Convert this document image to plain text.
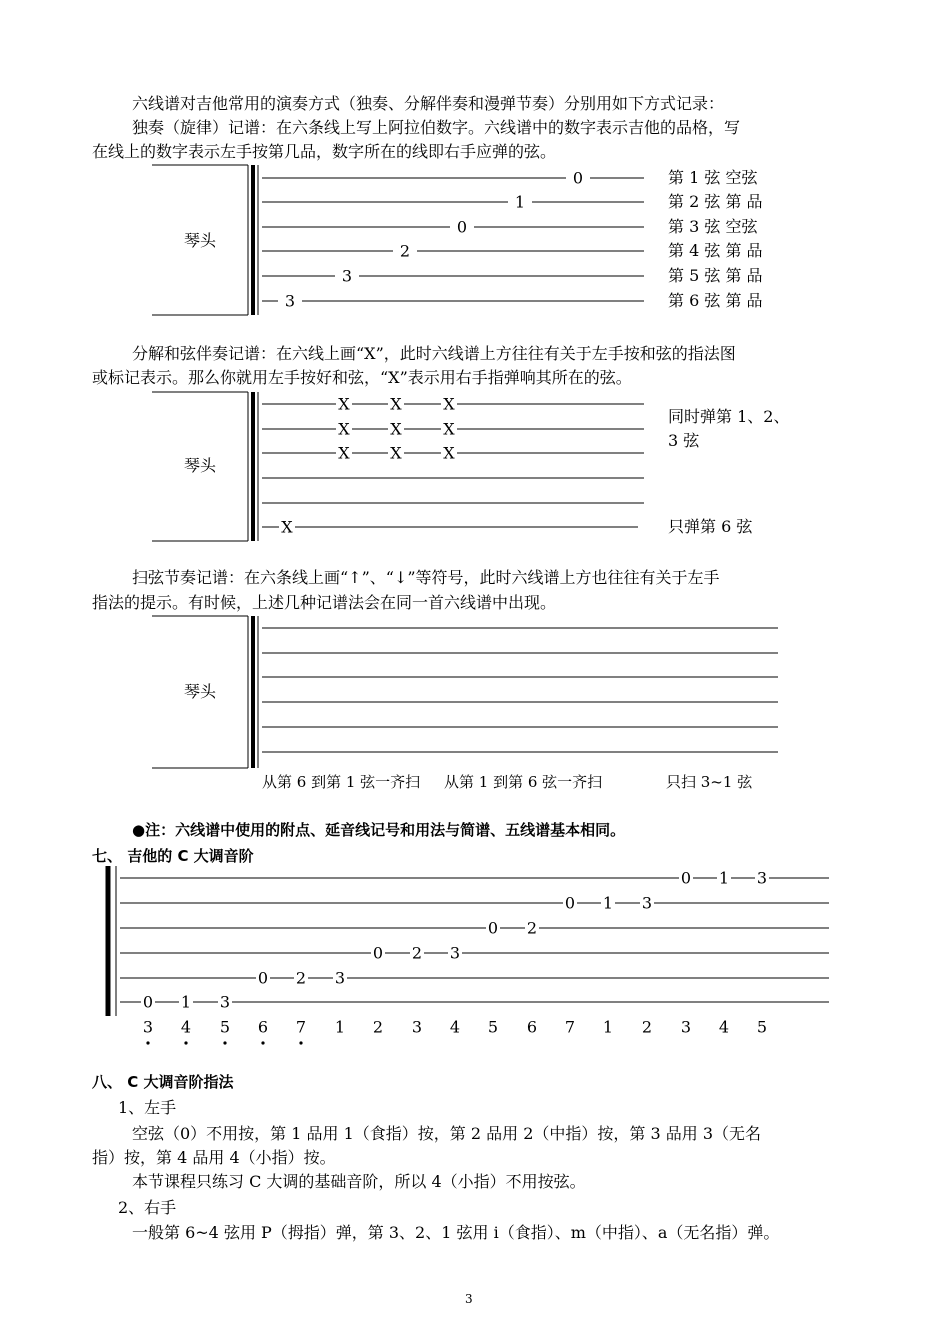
六线谱对吉他常用的演奏方式（独奏、分解伴奏和漫弹节奏）分别用如下方式记录：
独奏（旋律）记谱：在六条线上写上阿拉伯数字。六线谱中的数字表示吉他的品格，写
在线上的数字表示左手按第几品，数字所在的线即右手应弹的弦。
分解和弦伴奏记谱：在六线上画“X”，此时六线谱上方往往有关于左手按和弦的指法图
或标记表示。那么你就用左手按好和弦，“X”表示用右手指弹响其所在的弦。
扫弦节奏记谱：在六条线上画“↑”、“↓”等符号，此时六线谱上方也往往有关于左手
指法的提示。有时候，上述几种记谱法会在同一首六线谱中出现。
●注：六线谱中使用的附点、延音线记号和用法与简谱、五线谱基本相同。
七、 吉他的 C 大调音阶
八、 C 大调音阶指法
1、左手
空弦（0）不用按，第 1 品用 1（食指）按，第 2 品用 2（中指）按，第 3 品用 3（无名
指）按，第 4 品用 4（小指）按。
本节课程只练习 C 大调的基础音阶，所以 4（小指）不用按弦。
2、右手
一般第 6~4 弦用 P（拇指）弹，第 3、2、1 弦用 i（食指）、m（中指）、a（无名指）弹。
第 1 弦 空弦
第 2 弦 第 品
第 3 弦 空弦
第 4 弦 第 品
第 5 弦 第 品
第 6 弦 第 品
同时弹第 1、2、
3 弦
只弹第 6 弦
从第 6 到第 1 弦一齐扫 从第 1 到第 6 弦一齐扫	只扫 3~1 弦
琴头
琴头
琴头
3
0
1
0
2
3
3
X	X	X
X	X	X
X	X	X
X
0 1 3
0 1 3
0 2
0 2 3
0 2 3
0 1 3
3 4 5 6 7 1 2 3 4 5 6 7 1 2 3 4 5
